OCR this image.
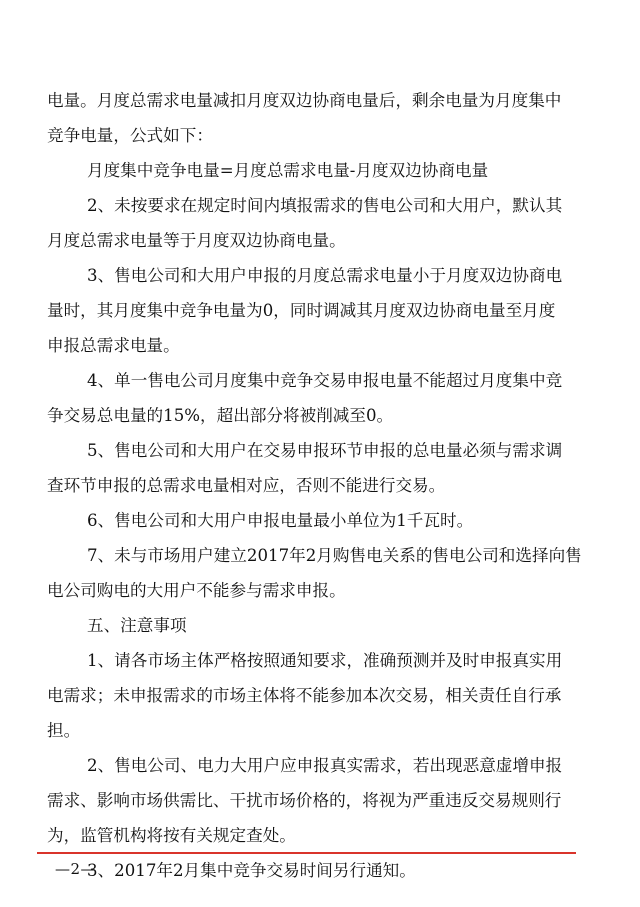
电量。月度总需求电量减扣月度双边协商电量后，剩余电量为月度集中
竞争电量，公式如下：
月度集中竞争电量=月度总需求电量-月度双边协商电量
2、未按要求在规定时间内填报需求的售电公司和大用户，默认其
月度总需求电量等于月度双边协商电量。
3、售电公司和大用户申报的月度总需求电量小于月度双边协商电
量时，其月度集中竞争电量为0，同时调减其月度双边协商电量至月度
申报总需求电量。
4、单一售电公司月度集中竞争交易申报电量不能超过月度集中竞
争交易总电量的15%，超出部分将被削减至0。
5、售电公司和大用户在交易申报环节申报的总电量必须与需求调
查环节申报的总需求电量相对应，否则不能进行交易。
6、售电公司和大用户申报电量最小单位为1千瓦时。
7、未与市场用户建立2017年2月购售电关系的售电公司和选择向售
电公司购电的大用户不能参与需求申报。
五、注意事项
1、请各市场主体严格按照通知要求，准确预测并及时申报真实用
电需求；未申报需求的市场主体将不能参加本次交易，相关责任自行承
担。
2、售电公司、电力大用户应申报真实需求，若出现恶意虚增申报
需求、影响市场供需比、干扰市场价格的，将视为严重违反交易规则行
为，监管机构将按有关规定查处。
3、2017年2月集中竞争交易时间另行通知。
—2—
